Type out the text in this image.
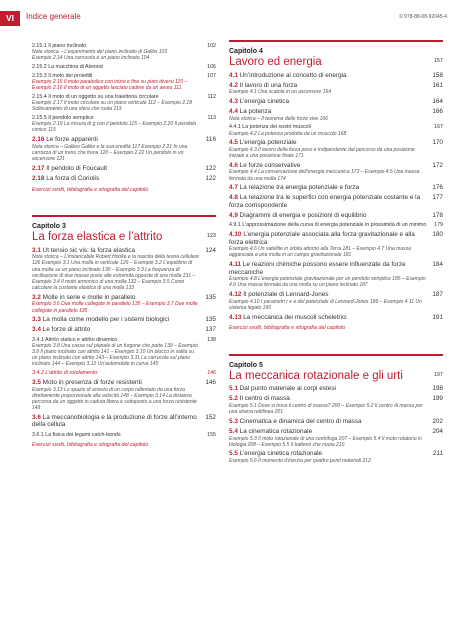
VI	Indice generale	© 978-88-08-92045-4
2.15.1 Il piano inclinato	102
Nota storica – L’esperimento del piano inclinato di Galilei 103
Esempio 2.14 Una carrucola e un piano inclinato 104
2.15.2 La macchina di Atwood	106
2.15.3 Il moto dei proiettili	107
Esempio 2.15 Il moto parabolico con inizio e fine su piani diversi 110 – Esempio 2.16 Il moto di un oggetto lasciato cadere da un aereo 111
2.15.4 Il moto di un oggetto su una traiettoria circolare	112
Esempio 2.17 Il moto circolare su un piano verticale 112 – Esempio 2.18 Sollevamento di una sfera che ruota 113
2.15.5 Il pendolo semplice	113
Esempio 2.19 La misura di g con il pendolo 115 – Esempio 2.20 Il pendolo conico 115
2.16 Le forze apparenti	116
Nota storica – Galileo Galilei e la sua eredità 117 Esempio 2.21 In una carrozza di un treno che frena 120 – Esempio 2.22 Un pendolo in un ascensore 121
2.17 Il pendolo di Foucault	122
2.18 La forza di Coriolis	122
Esercizi svolti, bibliografia e sitografia del capitolo
Capitolo 3
La forza elastica e l’attrito	123
3.1 Ut tensio sic vis: la forza elastica	124
Nota storica – L’instancabile Robert Hooke e la nascita della teoria cellulare 126 Esempio 3.1 Una molla in verticale 129 – Esempio 3.2 L’equilibrio di una molla su un piano inclinato 130 – Esempio 3.3 La frequenza di oscillazione di due masse poste alle estremità opposte di una molla 131 – Esempio 3.4 Il moto armonico di una molla 132 – Esempio 3.5 Come calcolare la costante elastica di una molla 133
3.2 Molle in serie e molle in parallelo	135
Esempio 3.6 Due molle collegate in parallelo 135 – Esempio 3.7 Due molle collegate in parallelo 135
3.3 La molla come modello per i sistemi biologici	135
3.4 Le forze di attrito	137
3.4.1 Attrito statico e attrito dinamico	138
Esempio 3.8 Una cassa sul pianale di un furgone che parte 139 – Esempio 3.9 Il piano inclinato con attrito 141 – Esempio 3.10 Un blocco in salita su un piano inclinato con attrito 143 – Esempio 3.11 La carrucola sul piano inclinato 144 – Esempio 3.12 Un’automobile in curva 145
3.4.2 L’attrito di rotolamento	146
3.5 Moto in presenza di forze resistenti	146
Esempio 3.13 Lo spazio di arresto di un corpo rallentato da una forza direttamente proporzionale alla velocità 148 – Esempio 3.14 La distanza percorsa da un oggetto in caduta libera e sottoposto a una forza resistente 149
3.6 La meccanobiologia e la produzione di forze all’interno della cellula
152
3.6.1 La fisica dei legami catch-bonds	155
Esercizi svolti, bibliografia e sitografia del capitolo
Capitolo 4
Lavoro ed energia	157
4.1 Un’introduzione al concetto di energia	158
4.2 Il lavoro di una forza	161
Esempio 4.1 Una scatola in un ascensore 164
4.3 L’energia cinetica	164
4.4 La potenza	166
Nota storica – Il teorema delle forze vive 166
4.4.1 La potenza dei nostri muscoli	167
Esempio 4.2 La potenza prodotta da un muscolo 168
4.5 L’energia potenziale	170
Esempio 4.3 Il lavoro della forza peso è indipendente dal percorso da una posizione iniziale a una posizione finale 171
4.6 Le forze conservative	172
Esempio 4.4 La conservazione dell’energia meccanica 173 – Esempio 4.5 Una massa fermata da una molla 174
4.7 La relazione tra energia potenziale e forza	176
4.8 La relazione tra le superfici con energia potenziale costante e la forza corrispondente
177
4.9 Diagrammi di energia e posizioni di equilibrio	178
4.9.1 L’approssimazione della curva di energia potenziale in prossimità di un minimo 179
4.10 L’energia potenziale associata alla forza gravitazionale e alla forza elettrica
180
Esempio 4.6 Un satellite in orbita attorno alla Terra 181 – Esempio 4.7 Una massa agganciata a una molla in un campo gravitazionale 181
4.11 Le reazioni chimiche possono essere influenzate da forze meccaniche
184
Esempio 4.8 L’energia potenziale gravitazionale per un pendolo semplice 185 – Esempio 4.9 Una massa fermata da una molla su un piano inclinato 187
4.12 Il potenziale di Lennard-Jones	187
Esempio 4.10 I parametri r e e del potenziale di Lennard-Jones 189 – Esempio 4.11 Un sistema legato 190
4.13 La meccanica dei muscoli scheletrici	191
Esercizi svolti, bibliografia e sitografia del capitolo
Capitolo 5
La meccanica rotazionale e gli urti	197
5.1 Dal punto materiale ai corpi estesi	198
5.2 Il centro di massa	199
Esempio 5.1 Dove si trova il centro di massa? 200 – Esempio 5.2 Il centro di massa per una sbarra rettilinea 201
5.3 Cinematica e dinamica del centro di massa	202
5.4 La cinematica rotazionale	204
Esempio 5.3 Il moto rotazionale di una centrifuga 207 – Esempio 5.4 Il moto rotatorio in biologia 208 – Esempio 5.5 Il batterio che nuota 210
5.5 L’energia cinetica rotazionale	211
Esempio 5.6 Il momento d’inerzia per quattro punti materiali 212
